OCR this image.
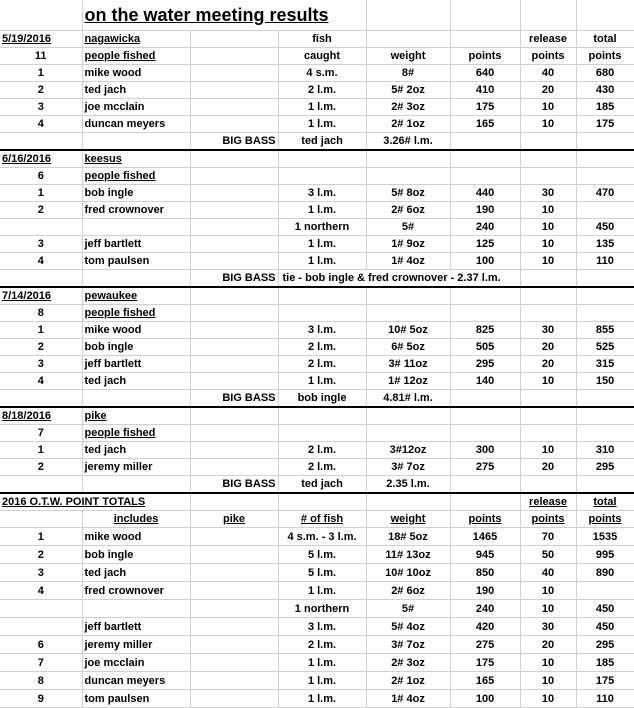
	on the water meeting results						
5/19/2016	nagawicka		fish			release	total
11	people fished		caught	weight	points	points	points
1	mike wood		4 s.m.	8#	640	40	680
2	ted jach		2 l.m.	5# 2oz	410	20	430
3	joe mcclain		1 l.m.	2# 3oz	175	10	185
4	duncan meyers		1 l.m.	2# 1oz	165	10	175
		BIG BASS	ted jach	3.26# l.m.			
6/16/2016	keesus						
6	people fished						
1	bob ingle		3 l.m.	5# 8oz	440	30	470
2	fred crownover		1 l.m.	2# 6oz	190	10	
			1 northern	5#	240	10	450
3	jeff bartlett		1 l.m.	1# 9oz	125	10	135
4	tom paulsen		1 l.m.	1# 4oz	100	10	110
		BIG BASS	tie - bob ingle & fred crownover - 2.37 l.m.				
7/14/2016	pewaukee						
8	people fished						
1	mike wood		3 l.m.	10# 5oz	825	30	855
2	bob ingle		2 l.m.	6# 5oz	505	20	525
3	jeff bartlett		2 l.m.	3# 11oz	295	20	315
4	ted jach		1 l.m.	1# 12oz	140	10	150
		BIG BASS	bob ingle	4.81# l.m.			
8/18/2016	pike						
7	people fished						
1	ted jach		2 l.m.	3#12oz	300	10	310
2	jeremy miller		2 l.m.	3# 7oz	275	20	295
		BIG BASS	ted jach	2.35 l.m.			
2016 O.T.W. POINT TOTALS						release	total
	includes	pike	# of fish	weight	points	points	points
1	mike wood		4 s.m. - 3 l.m.	18# 5oz	1465	70	1535
2	bob ingle		5 l.m.	11# 13oz	945	50	995
3	ted jach		5 l.m.	10# 10oz	850	40	890
4	fred crownover		1 l.m.	2# 6oz	190	10	
			1 northern	5#	240	10	450
	jeff bartlett		3 l.m.	5# 4oz	420	30	450
6	jeremy miller		2 l.m.	3# 7oz	275	20	295
7	joe mcclain		1 l.m.	2# 3oz	175	10	185
8	duncan meyers		1 l.m.	2# 1oz	165	10	175
9	tom paulsen		1 l.m.	1# 4oz	100	10	110
